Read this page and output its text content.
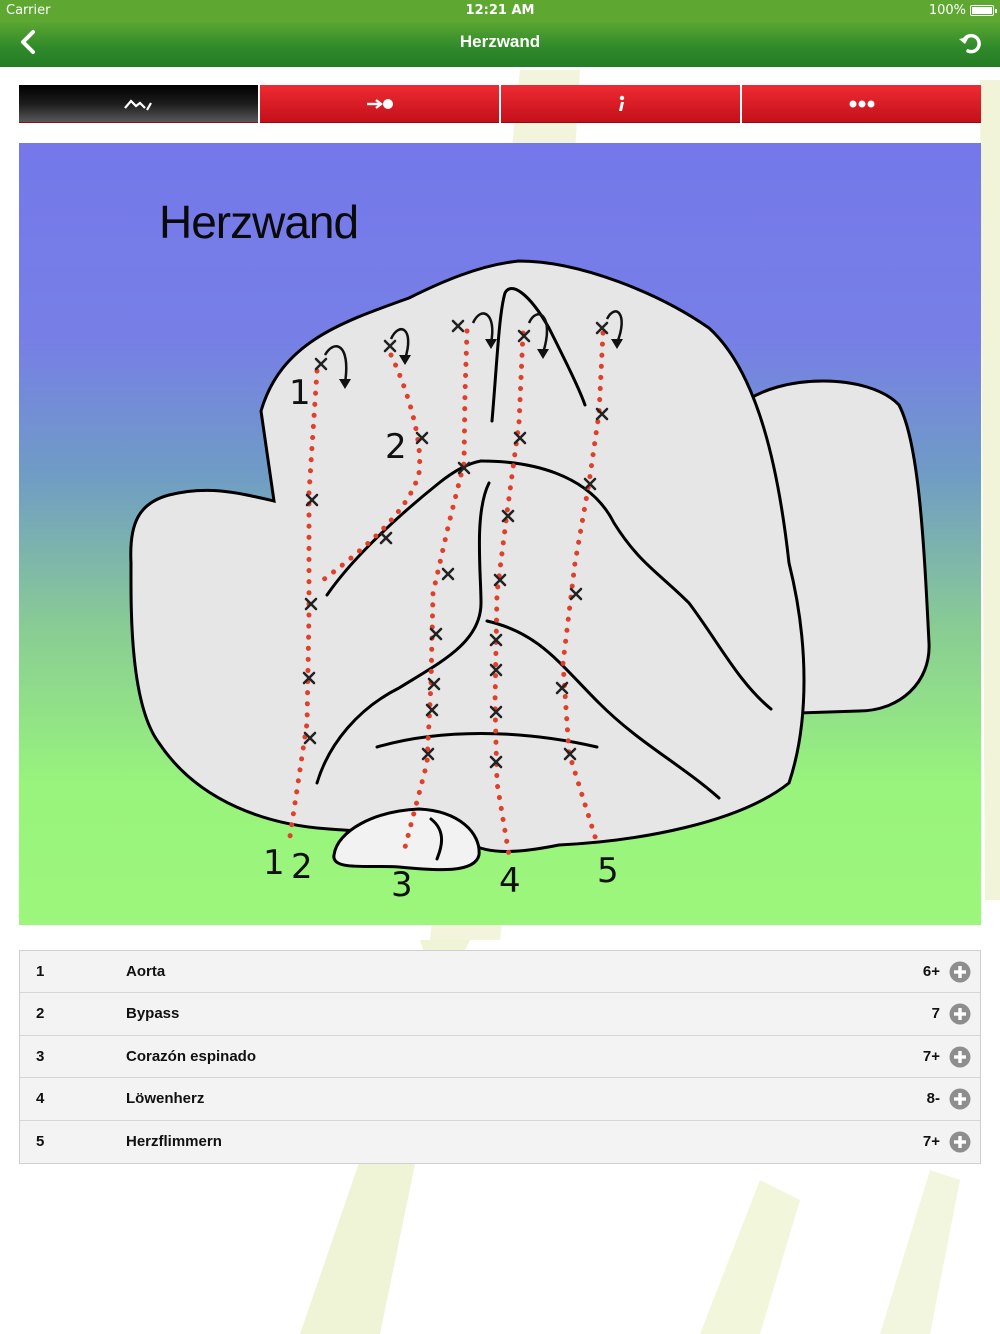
Carrier	12:21 AM	100%
Herzwand
Herzwand
1
2
1 2 3	4 5
1	Aorta	6+
2	Bypass	7
3	Corazón espinado	7+
4	Löwenherz	8-
5	Herzflimmern	7+
